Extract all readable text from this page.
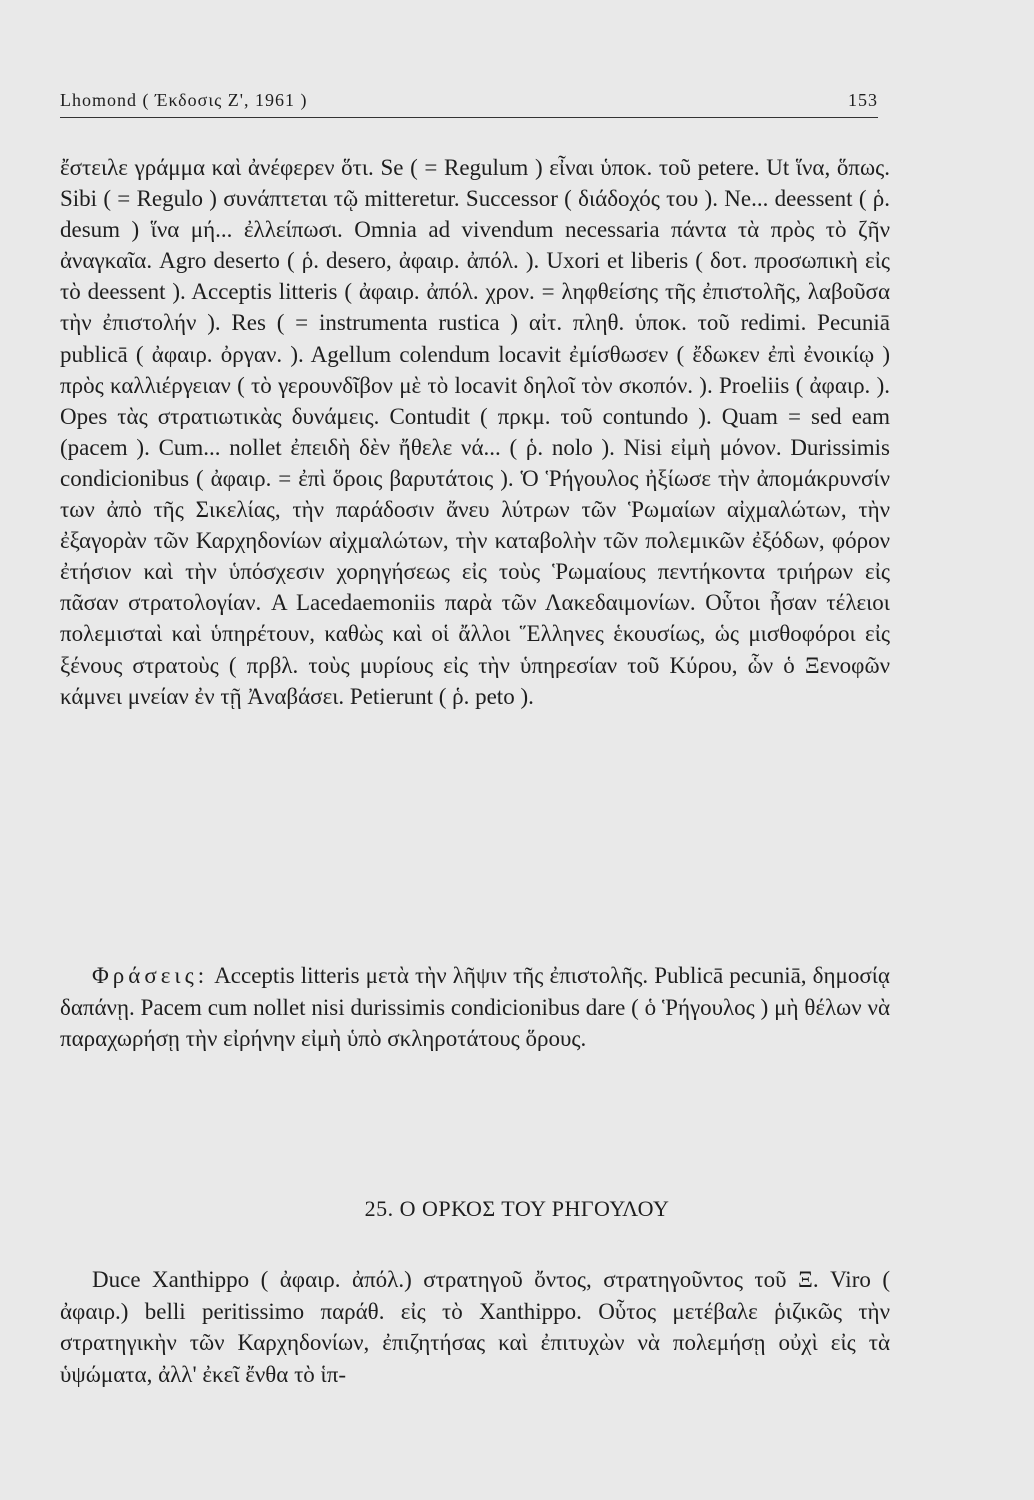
Lhomond ( Έκδοσις Ζ', 1961 )	153

ἔστειλε γράμμα καὶ ἀνέφερεν ὅτι. Se ( = Regulum ) εἶναι ὑποκ. τοῦ petere. Ut ἵνα, ὅπως. Sibi ( = Regulo ) συνάπτεται τῷ mitteretur. Successor ( διάδοχός του ). Ne... deessent ( ῥ. desum ) ἵνα μή... ἐλλείπωσι. Omnia ad vivendum necessaria πάντα τὰ πρὸς τὸ ζῆν ἀναγκαῖα. Agro deserto ( ῥ. desero, ἀφαιρ. ἀπόλ. ). Uxori et liberis ( δοτ. προσωπικὴ εἰς τὸ deessent ). Acceptis litteris ( ἀφαιρ. ἀπόλ. χρον. = ληφθείσης τῆς ἐπιστολῆς, λαβοῦσα τὴν ἐπιστολήν ). Res ( = instrumenta rustica ) αἰτ. πληθ. ὑποκ. τοῦ redimi. Pecuniā publicā ( ἀφαιρ. ὀργαν. ). Agellum colendum locavit ἐμίσθωσεν ( ἔδωκεν ἐπὶ ἐνοικίῳ ) πρὸς καλλιέργειαν ( τὸ γερουνδῖβον μὲ τὸ locavit δηλοῖ τὸν σκοπόν. ). Proeliis ( ἀφαιρ. ). Opes τὰς στρατιωτικὰς δυνάμεις. Contudit ( πρκμ. τοῦ contundo ). Quam = sed eam (pacem ). Cum... nollet ἐπειδὴ δὲν ἤθελε νά... ( ῥ. nolo ). Nisi εἰμὴ μόνον. Durissimis condicionibus ( ἀφαιρ. = ἐπὶ ὅροις βαρυτάτοις ). Ὁ Ῥήγουλος ἠξίωσε τὴν ἀπομάκρυνσίν των ἀπὸ τῆς Σικελίας, τὴν παράδοσιν ἄνευ λύτρων τῶν Ῥωμαίων αἰχμαλώτων, τὴν ἐξαγορὰν τῶν Καρχηδονίων αἰχμαλώτων, τὴν καταβολὴν τῶν πολεμικῶν ἐξόδων, φόρον ἐτήσιον καὶ τὴν ὑπόσχεσιν χορηγήσεως εἰς τοὺς Ῥωμαίους πεντήκοντα τριήρων εἰς πᾶσαν στρατολογίαν. A Lacedaemoniis παρὰ τῶν Λακεδαιμονίων. Οὗτοι ἦσαν τέλειοι πολεμισταὶ καὶ ὑπηρέτουν, καθὼς καὶ οἱ ἄλλοι Ἕλληνες ἑκουσίως, ὡς μισθοφόροι εἰς ξένους στρατοὺς ( πρβλ. τοὺς μυρίους εἰς τὴν ὑπηρεσίαν τοῦ Κύρου, ὧν ὁ Ξενοφῶν κάμνει μνείαν ἐν τῇ Ἀναβάσει. Petierunt ( ῥ. peto ).

Φράσεις: Acceptis litteris μετὰ τὴν λῆψιν τῆς ἐπιστολῆς. Publicā pecuniā, δημοσίᾳ δαπάνῃ. Pacem cum nollet nisi durissimis condicionibus dare ( ὁ Ῥήγουλος ) μὴ θέλων νὰ παραχωρήσῃ τὴν εἰρήνην εἰμὴ ὑπὸ σκληροτάτους ὅρους.

25. Ο ΟΡΚΟΣ ΤΟΥ ΡΗΓΟΥΛΟΥ

Duce Xanthippo ( ἀφαιρ. ἀπόλ.) στρατηγοῦ ὄντος, στρατηγοῦντος τοῦ Ξ. Viro ( ἀφαιρ.) belli peritissimo παράθ. εἰς τὸ Xanthippo. Οὗτος μετέβαλε ῥιζικῶς τὴν στρατηγικὴν τῶν Καρχηδονίων, ἐπιζητήσας καὶ ἐπιτυχὼν νὰ πολεμήσῃ οὐχὶ εἰς τὰ ὑψώματα, ἀλλ' ἐκεῖ ἔνθα τὸ ἱπ-
